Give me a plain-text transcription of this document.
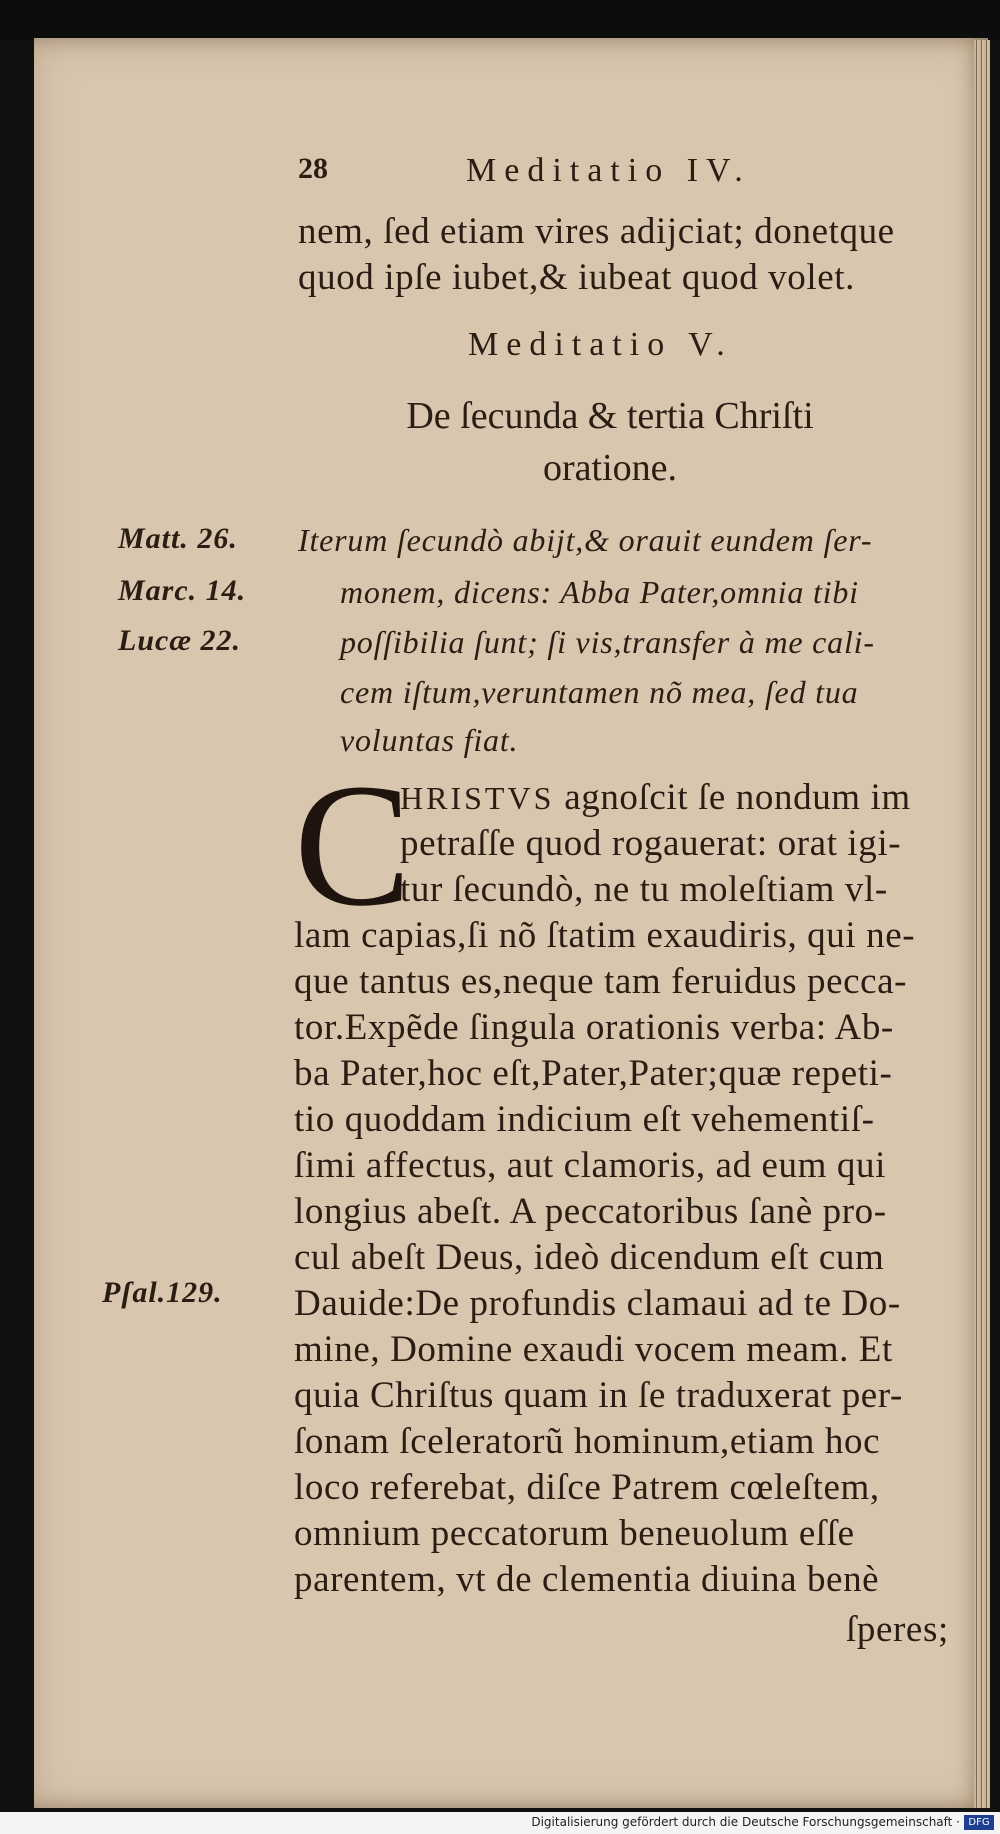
28	Meditatio IV.
nem, ſed etiam vires adijciat; donetque
quod ipſe iubet,& iubeat quod volet.
Meditatio V.
De ſecunda & tertia Chriſti
oratione.
Matt. 26.
Marc. 14.
Lucæ 22.
Pſal.129.
Iterum ſecundò abijt,& orauit eundem ſer-
monem, dicens: Abba Pater,omnia tibi
poſſibilia ſunt; ſi vis,transfer à me cali-
cem iſtum,veruntamen nõ mea, ſed tua
voluntas fiat.
C
HRISTVS agnoſcit ſe nondum im
petraſſe quod rogauerat: orat igi-
tur ſecundò, ne tu moleſtiam vl-
lam capias,ſi nõ ſtatim exaudiris, qui ne-
que tantus es,neque tam feruidus pecca-
tor.Expẽde ſingula orationis verba: Ab-
ba Pater,hoc eſt,Pater,Pater;quæ repeti-
tio quoddam indicium eſt vehementiſ-
ſimi affectus, aut clamoris, ad eum qui
longius abeſt. A peccatoribus ſanè pro-
cul abeſt Deus, ideò dicendum eſt cum
Dauide:De profundis clamaui ad te Do-
mine, Domine exaudi vocem meam. Et
quia Chriſtus quam in ſe traduxerat per-
ſonam ſceleratorũ hominum,etiam hoc
loco referebat, diſce Patrem cœleſtem,
omnium peccatorum beneuolum eſſe
parentem, vt de clementia diuina benè
ſperes;
Digitalisierung gefördert durch die Deutsche Forschungsgemeinschaft · DFG
